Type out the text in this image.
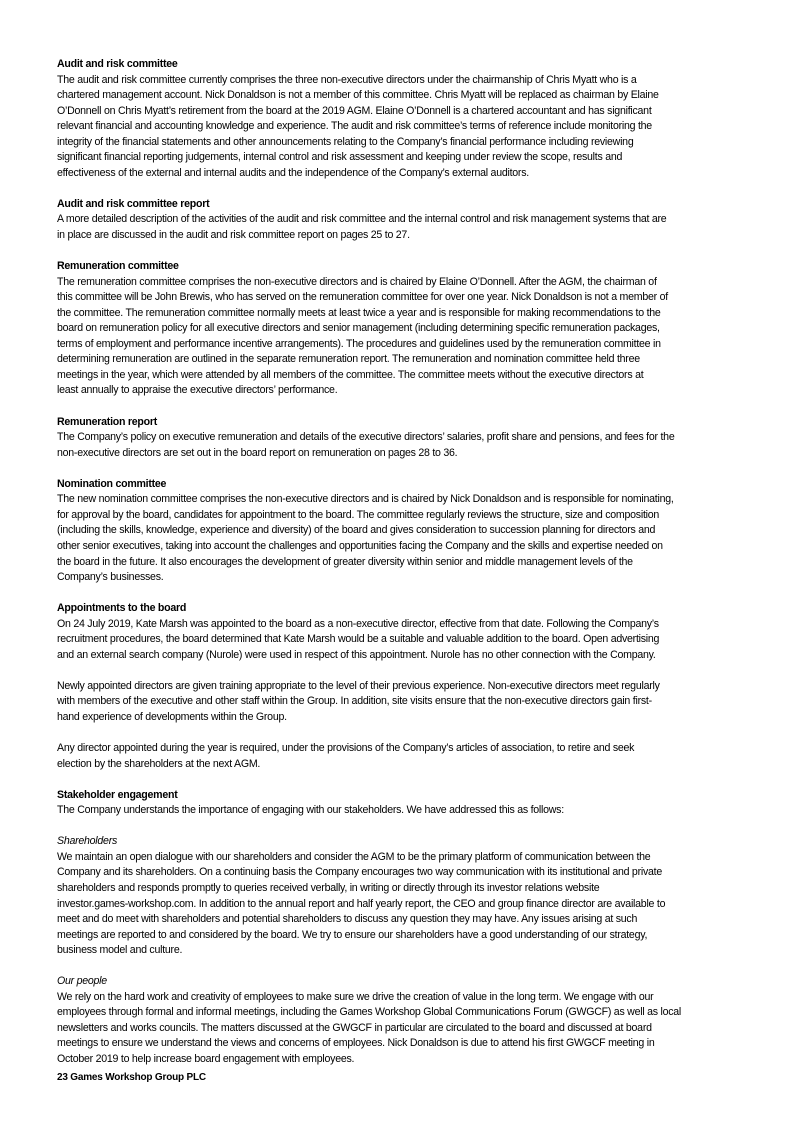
Audit and risk committee
The audit and risk committee currently comprises the three non-executive directors under the chairmanship of Chris Myatt who is a
chartered management account. Nick Donaldson is not a member of this committee. Chris Myatt will be replaced as chairman by Elaine
O’Donnell on Chris Myatt’s retirement from the board at the 2019 AGM. Elaine O’Donnell is a chartered accountant and has significant
relevant financial and accounting knowledge and experience. The audit and risk committee’s terms of reference include monitoring the
integrity of the financial statements and other announcements relating to the Company’s financial performance including reviewing
significant financial reporting judgements, internal control and risk assessment and keeping under review the scope, results and
effectiveness of the external and internal audits and the independence of the Company’s external auditors.
Audit and risk committee report
A more detailed description of the activities of the audit and risk committee and the internal control and risk management systems that are
in place are discussed in the audit and risk committee report on pages 25 to 27.
Remuneration committee
The remuneration committee comprises the non-executive directors and is chaired by Elaine O’Donnell. After the AGM, the chairman of
this committee will be John Brewis, who has served on the remuneration committee for over one year. Nick Donaldson is not a member of
the committee. The remuneration committee normally meets at least twice a year and is responsible for making recommendations to the
board on remuneration policy for all executive directors and senior management (including determining specific remuneration packages,
terms of employment and performance incentive arrangements). The procedures and guidelines used by the remuneration committee in
determining remuneration are outlined in the separate remuneration report. The remuneration and nomination committee held three
meetings in the year, which were attended by all members of the committee. The committee meets without the executive directors at
least annually to appraise the executive directors’ performance.
Remuneration report
The Company’s policy on executive remuneration and details of the executive directors’ salaries, profit share and pensions, and fees for the
non-executive directors are set out in the board report on remuneration on pages 28 to 36.
Nomination committee
The new nomination committee comprises the non-executive directors and is chaired by Nick Donaldson and is responsible for nominating,
for approval by the board, candidates for appointment to the board. The committee regularly reviews the structure, size and composition
(including the skills, knowledge, experience and diversity) of the board and gives consideration to succession planning for directors and
other senior executives, taking into account the challenges and opportunities facing the Company and the skills and expertise needed on
the board in the future. It also encourages the development of greater diversity within senior and middle management levels of the
Company’s businesses.
Appointments to the board
On 24 July 2019, Kate Marsh was appointed to the board as a non-executive director, effective from that date. Following the Company’s
recruitment procedures, the board determined that Kate Marsh would be a suitable and valuable addition to the board. Open advertising
and an external search company (Nurole) were used in respect of this appointment. Nurole has no other connection with the Company.
Newly appointed directors are given training appropriate to the level of their previous experience. Non-executive directors meet regularly
with members of the executive and other staff within the Group. In addition, site visits ensure that the non-executive directors gain first-
hand experience of developments within the Group.
Any director appointed during the year is required, under the provisions of the Company’s articles of association, to retire and seek
election by the shareholders at the next AGM.
Stakeholder engagement
The Company understands the importance of engaging with our stakeholders. We have addressed this as follows:
Shareholders
We maintain an open dialogue with our shareholders and consider the AGM to be the primary platform of communication between the
Company and its shareholders. On a continuing basis the Company encourages two way communication with its institutional and private
shareholders and responds promptly to queries received verbally, in writing or directly through its investor relations website
investor.games-workshop.com. In addition to the annual report and half yearly report, the CEO and group finance director are available to
meet and do meet with shareholders and potential shareholders to discuss any question they may have. Any issues arising at such
meetings are reported to and considered by the board. We try to ensure our shareholders have a good understanding of our strategy,
business model and culture.
Our people
We rely on the hard work and creativity of employees to make sure we drive the creation of value in the long term. We engage with our
employees through formal and informal meetings, including the Games Workshop Global Communications Forum (GWGCF) as well as local
newsletters and works councils. The matters discussed at the GWGCF in particular are circulated to the board and discussed at board
meetings to ensure we understand the views and concerns of employees. Nick Donaldson is due to attend his first GWGCF meeting in
October 2019 to help increase board engagement with employees.
23 Games Workshop Group PLC
